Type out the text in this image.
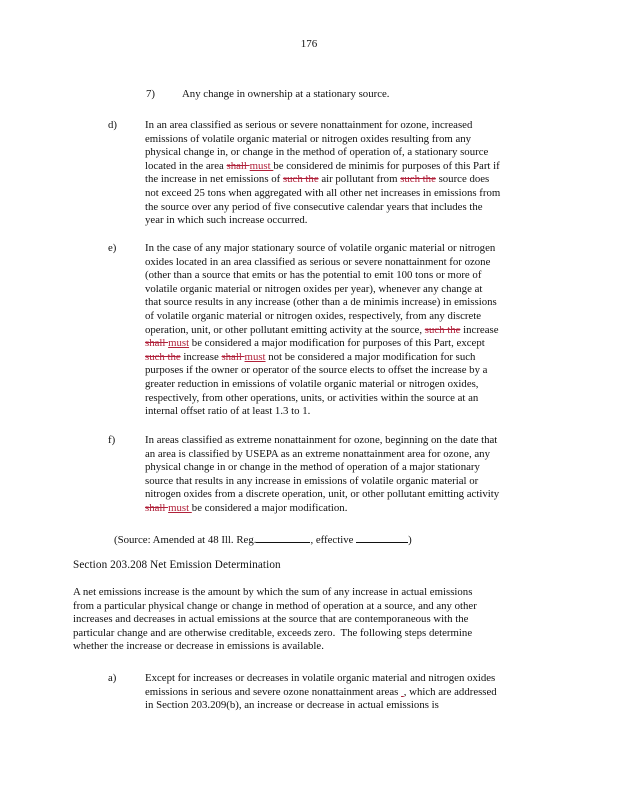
176
7)	Any change in ownership at a stationary source.
d)	In an area classified as serious or severe nonattainment for ozone, increased
emissions of volatile organic material or nitrogen oxides resulting from any
physical change in, or change in the method of operation of, a stationary source
located in the area shall must be considered de minimis for purposes of this Part if
the increase in net emissions of such the air pollutant from such the source does
not exceed 25 tons when aggregated with all other net increases in emissions from
the source over any period of five consecutive calendar years that includes the
year in which such increase occurred.
e)	In the case of any major stationary source of volatile organic material or nitrogen
oxides located in an area classified as serious or severe nonattainment for ozone
(other than a source that emits or has the potential to emit 100 tons or more of
volatile organic material or nitrogen oxides per year), whenever any change at
that source results in any increase (other than a de minimis increase) in emissions
of volatile organic material or nitrogen oxides, respectively, from any discrete
operation, unit, or other pollutant emitting activity at the source, such the increase
shall must be considered a major modification for purposes of this Part, except
such the increase shall must not be considered a major modification for such
purposes if the owner or operator of the source elects to offset the increase by a
greater reduction in emissions of volatile organic material or nitrogen oxides,
respectively, from other operations, units, or activities within the source at an
internal offset ratio of at least 1.3 to 1.
f)	In areas classified as extreme nonattainment for ozone, beginning on the date that
an area is classified by USEPA as an extreme nonattainment area for ozone, any
physical change in or change in the method of operation of a major stationary
source that results in any increase in emissions of volatile organic material or
nitrogen oxides from a discrete operation, unit, or other pollutant emitting activity
shall must be considered a major modification.
(Source: Amended at 48 Ill. Reg.	, effective	)
Section 203.208 Net Emission Determination
A net emissions increase is the amount by which the sum of any increase in actual emissions
from a particular physical change or change in method of operation at a source, and any other
increases and decreases in actual emissions at the source that are contemporaneous with the
particular change and are otherwise creditable, exceeds zero.  The following steps determine
whether the increase or decrease in emissions is available.
a)	Except for increases or decreases in volatile organic material and nitrogen oxides
emissions in serious and severe ozone nonattainment areas  , which are addressed
in Section 203.209(b), an increase or decrease in actual emissions is
